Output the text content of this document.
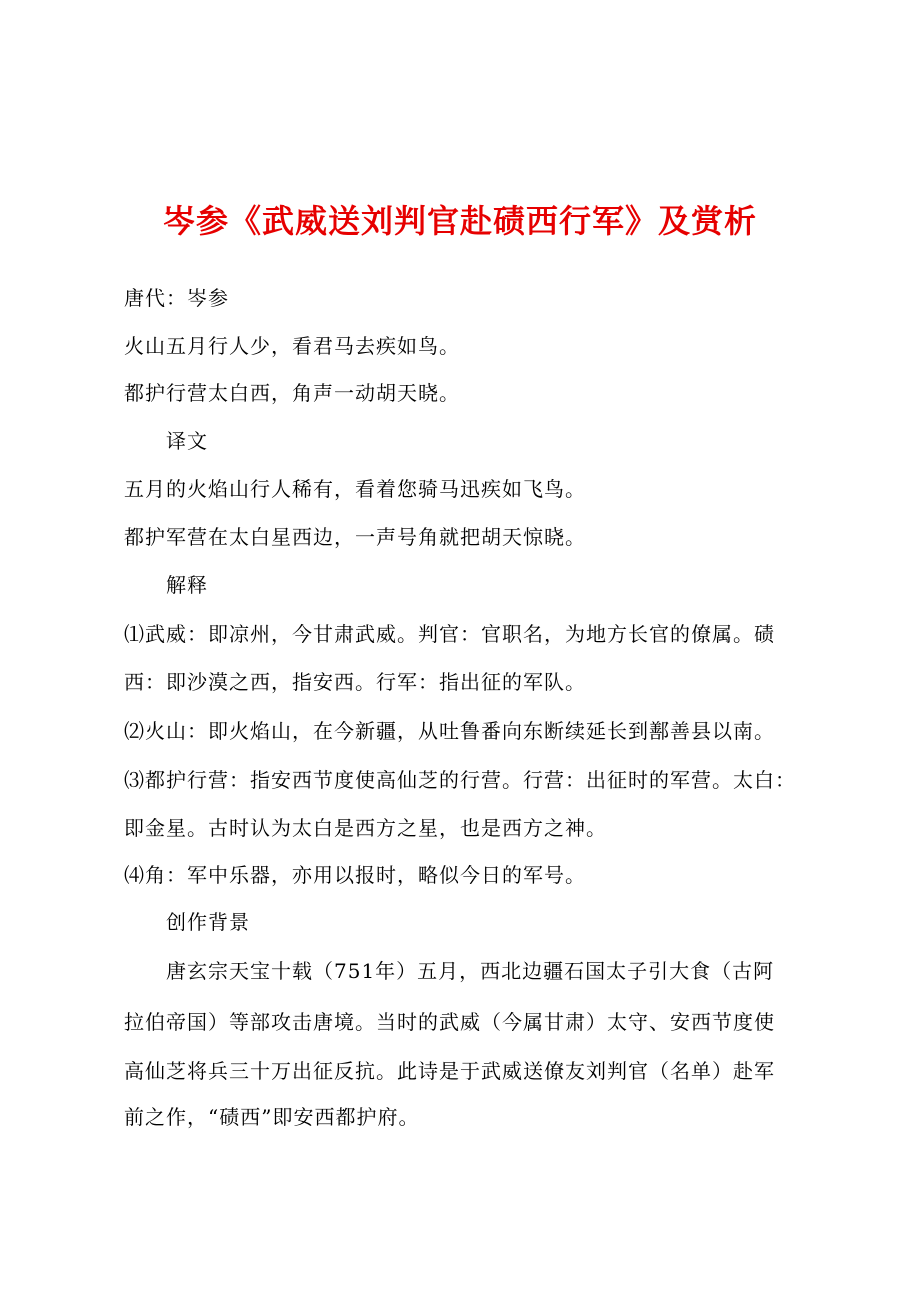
岑参《武威送刘判官赴碛西行军》及赏析

唐代：岑参

火山五月行人少，看君马去疾如鸟。

都护行营太白西，角声一动胡天晓。

译文

五月的火焰山行人稀有，看着您骑马迅疾如飞鸟。

都护军营在太白星西边，一声号角就把胡天惊晓。

解释

⑴武威：即凉州，今甘肃武威。判官：官职名，为地方长官的僚属。碛

西：即沙漠之西，指安西。行军：指出征的军队。

⑵火山：即火焰山，在今新疆，从吐鲁番向东断续延长到鄯善县以南。

⑶都护行营：指安西节度使高仙芝的行营。行营：出征时的军营。太白：

即金星。古时认为太白是西方之星，也是西方之神。

⑷角：军中乐器，亦用以报时，略似今日的军号。

创作背景

唐玄宗天宝十载（751年）五月，西北边疆石国太子引大食（古阿

拉伯帝国）等部攻击唐境。当时的武威（今属甘肃）太守、安西节度使

高仙芝将兵三十万出征反抗。此诗是于武威送僚友刘判官（名单）赴军

前之作，“碛西”即安西都护府。
